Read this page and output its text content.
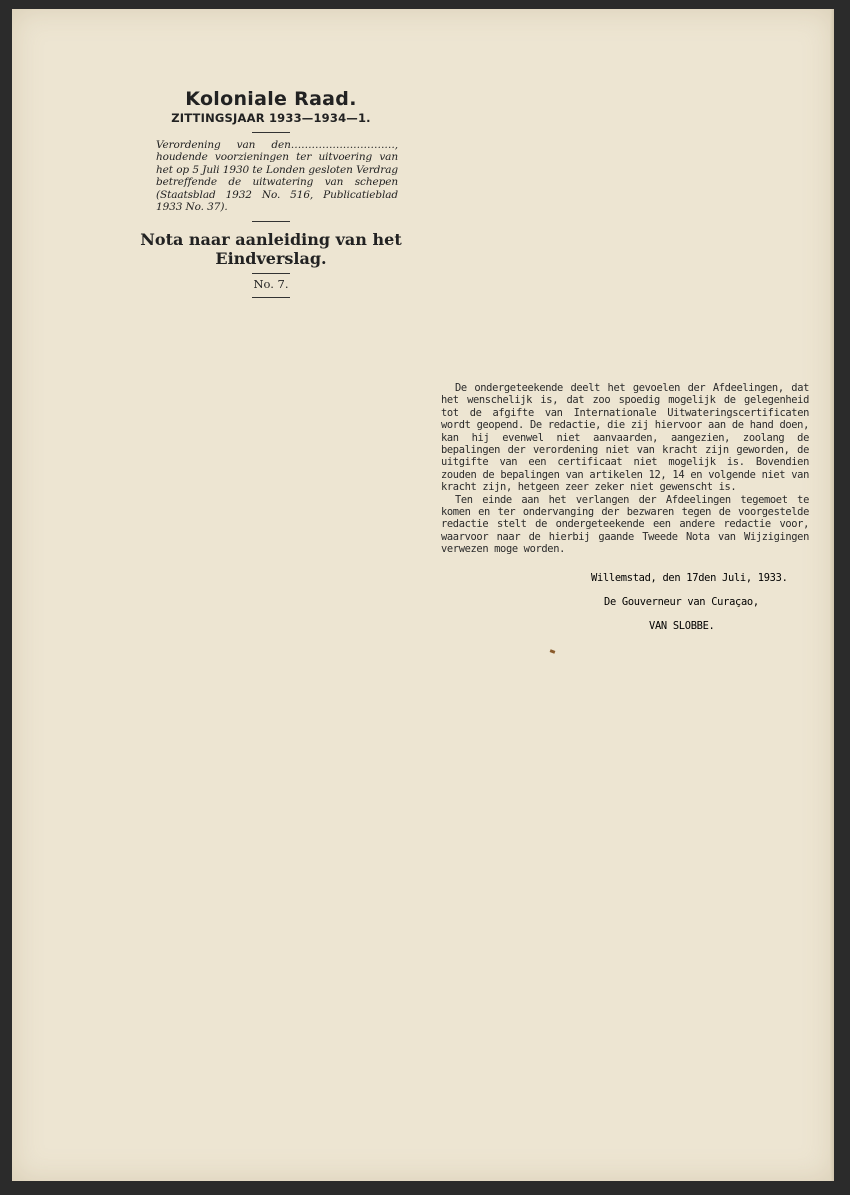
Koloniale Raad.
ZITTINGSJAAR 1933—1934—1.

Verordening van den…………………………, houdende voorzieningen ter uitvoering van het op 5 Juli 1930 te Londen gesloten Verdrag betreffende de uitwatering van schepen (Staatsblad 1932 No. 516, Publicatieblad 1933 No. 37).

Nota naar aanleiding van het
Eindverslag.
No. 7.

De ondergeteekende deelt het gevoelen der Afdeelingen, dat het wenschelijk is, dat zoo spoedig mogelijk de gelegenheid tot de afgifte van Internationale Uitwateringscertificaten wordt geopend. De redactie, die zij hiervoor aan de hand doen, kan hij evenwel niet aanvaarden, aangezien, zoolang de bepalingen der verordening niet van kracht zijn geworden, de uitgifte van een certificaat niet mogelijk is. Bovendien zouden de bepalingen van artikelen 12, 14 en volgende niet van kracht zijn, hetgeen zeer zeker niet gewenscht is.

Ten einde aan het verlangen der Afdeelingen tegemoet te komen en ter ondervanging der bezwaren tegen de voorgestelde redactie stelt de ondergeteekende een andere redactie voor, waarvoor naar de hierbij gaande Tweede Nota van Wijzigingen verwezen moge worden.

Willemstad, den 17den Juli, 1933.
De Gouverneur van Curaçao,
VAN SLOBBE.
